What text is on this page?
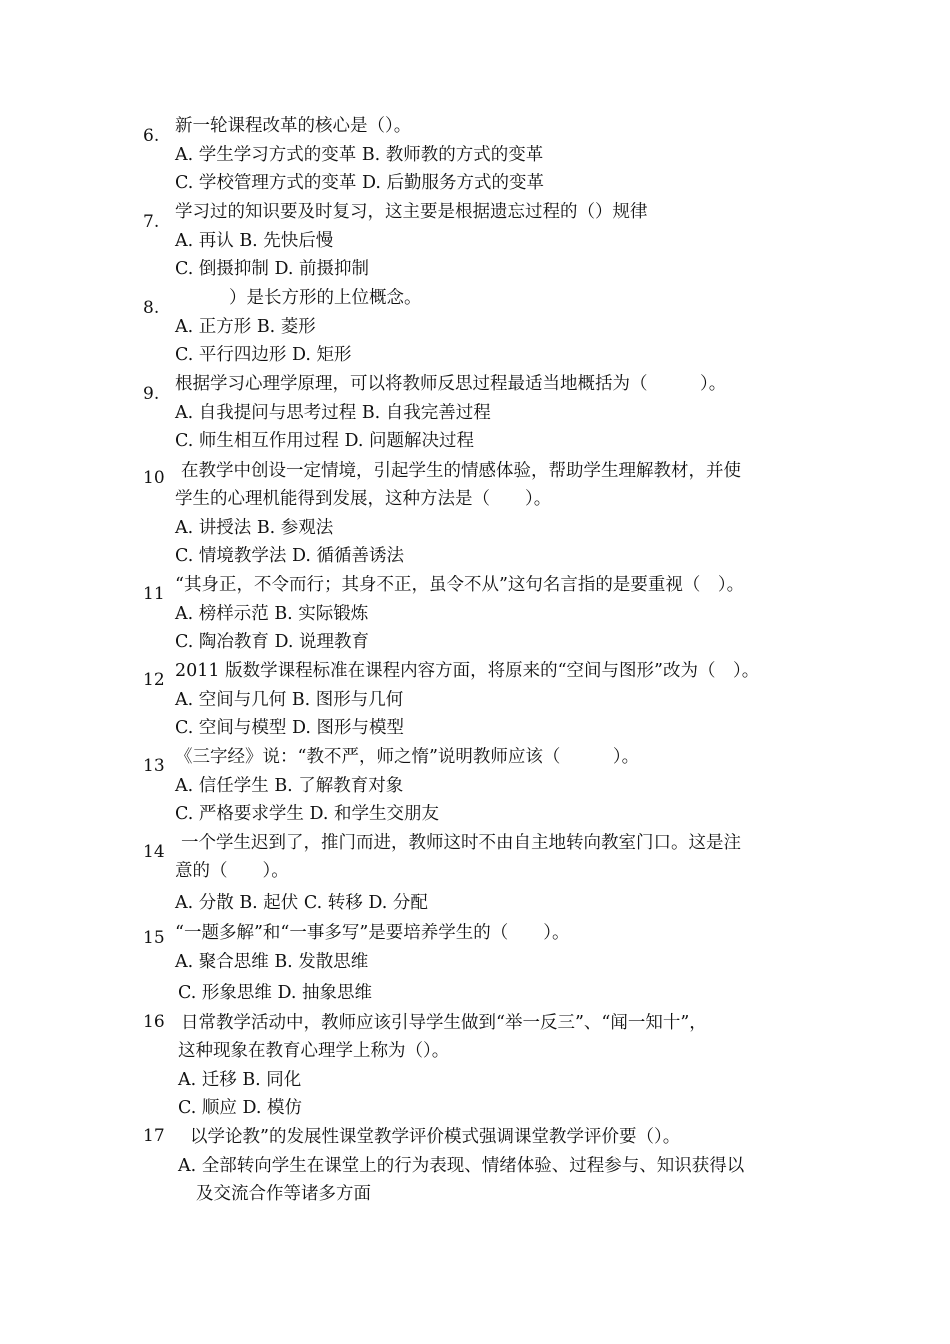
6. 新一轮课程改革的核心是（）。
A. 学生学习方式的变革 B. 教师教的方式的变革
C. 学校管理方式的变革 D. 后勤服务方式的变革
7. 学习过的知识要及时复习，这主要是根据遗忘过程的（）规律
A. 再认 B. 先快后慢
C. 倒摄抑制 D. 前摄抑制
8.	）是长方形的上位概念。
A. 正方形 B. 菱形
C. 平行四边形 D. 矩形
9. 根据学习心理学原理，可以将教师反思过程最适当地概括为（　　　）。
A. 自我提问与思考过程 B. 自我完善过程
C. 师生相互作用过程 D. 问题解决过程
10 在教学中创设一定情境，引起学生的情感体验，帮助学生理解教材，并使
学生的心理机能得到发展，这种方法是（　　）。
A. 讲授法 B. 参观法
C. 情境教学法 D. 循循善诱法
11 “其身正，不令而行；其身不正，虽令不从”这句名言指的是要重视（　）。
A. 榜样示范 B. 实际锻炼
C. 陶冶教育 D. 说理教育
12 2011 版数学课程标准在课程内容方面，将原来的“空间与图形”改为（　）。
A. 空间与几何 B. 图形与几何
C. 空间与模型 D. 图形与模型
13 《三字经》说：“教不严，师之惰”说明教师应该（　　　）。
A. 信任学生 B. 了解教育对象
C. 严格要求学生 D. 和学生交朋友
14 一个学生迟到了，推门而进，教师这时不由自主地转向教室门口。这是注
意的（　　）。
A. 分散 B. 起伏 C. 转移 D. 分配
15 “一题多解”和“一事多写”是要培养学生的（　　）。
A. 聚合思维 B. 发散思维
C. 形象思维 D. 抽象思维
16 日常教学活动中，教师应该引导学生做到“举一反三”、“闻一知十”，
这种现象在教育心理学上称为（）。
A. 迁移 B. 同化
C. 顺应 D. 模仿
17 以学论教”的发展性课堂教学评价模式强调课堂教学评价要（）。
A. 全部转向学生在课堂上的行为表现、情绪体验、过程参与、知识获得以
及交流合作等诸多方面
